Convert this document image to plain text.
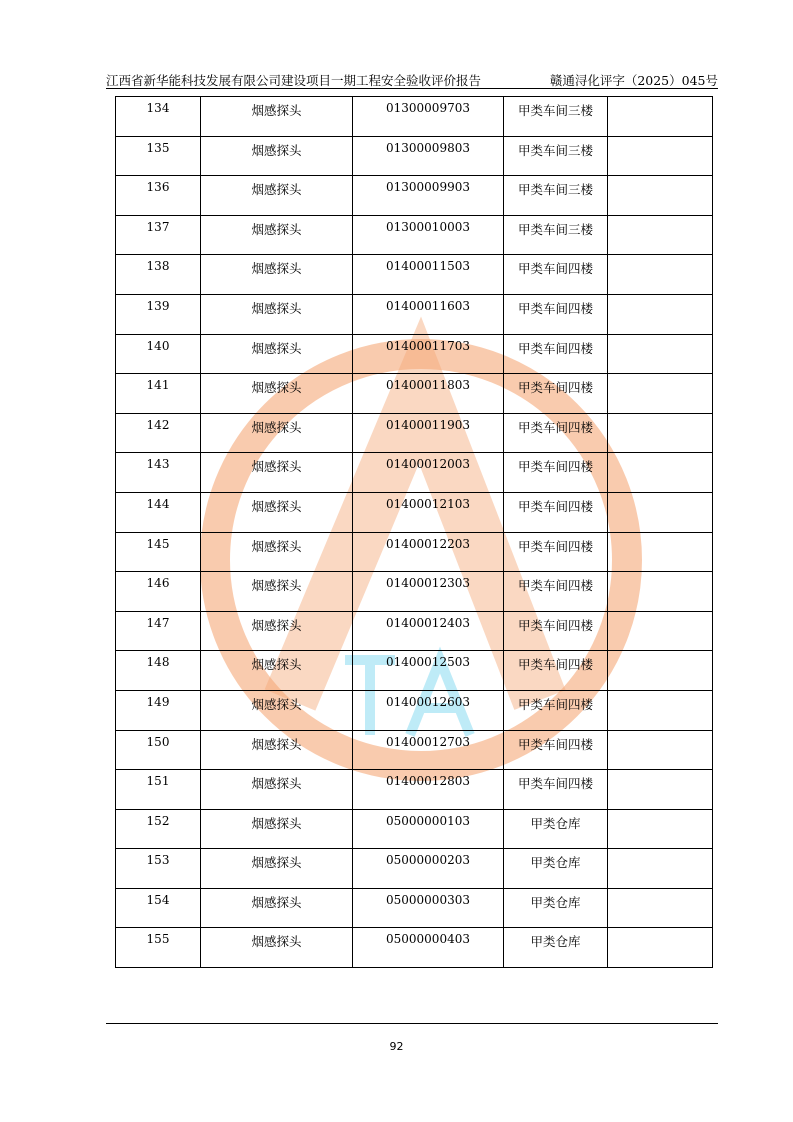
江西省新华能科技发展有限公司建设项目一期工程安全验收评价报告	赣通浔化评字（2025）045号
134	烟感探头	01300009703	甲类车间三楼	
135	烟感探头	01300009803	甲类车间三楼	
136	烟感探头	01300009903	甲类车间三楼	
137	烟感探头	01300010003	甲类车间三楼	
138	烟感探头	01400011503	甲类车间四楼	
139	烟感探头	01400011603	甲类车间四楼	
140	烟感探头	01400011703	甲类车间四楼	
141	烟感探头	01400011803	甲类车间四楼	
142	烟感探头	01400011903	甲类车间四楼	
143	烟感探头	01400012003	甲类车间四楼	
144	烟感探头	01400012103	甲类车间四楼	
145	烟感探头	01400012203	甲类车间四楼	
146	烟感探头	01400012303	甲类车间四楼	
147	烟感探头	01400012403	甲类车间四楼	
148	烟感探头	01400012503	甲类车间四楼	
149	烟感探头	01400012603	甲类车间四楼	
150	烟感探头	01400012703	甲类车间四楼	
151	烟感探头	01400012803	甲类车间四楼	
152	烟感探头	05000000103	甲类仓库	
153	烟感探头	05000000203	甲类仓库	
154	烟感探头	05000000303	甲类仓库	
155	烟感探头	05000000403	甲类仓库	
92
